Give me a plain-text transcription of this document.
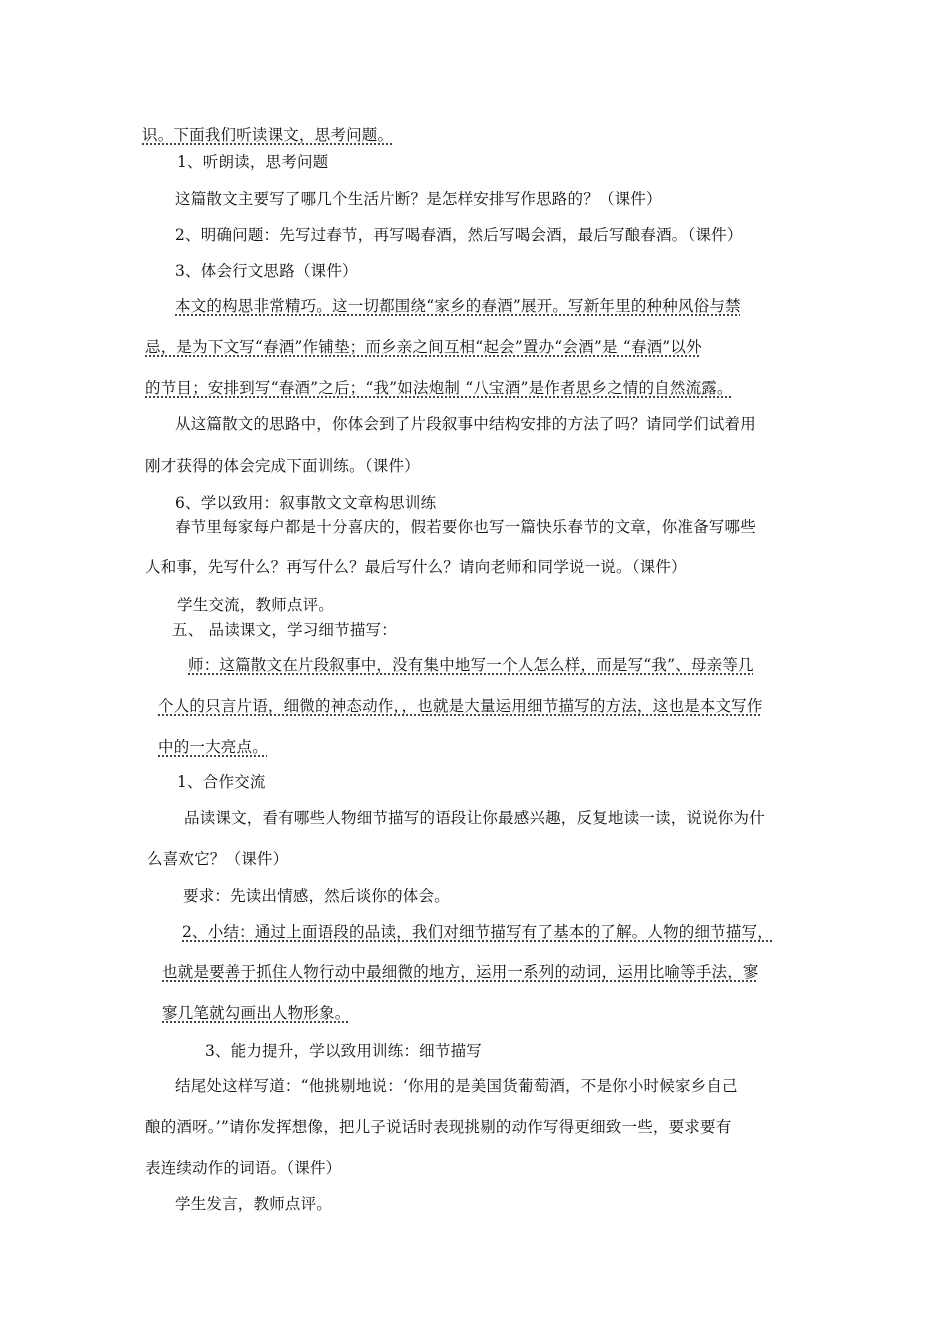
识。下面我们听读课文，思考问题。
1、听朗读，思考问题
这篇散文主要写了哪几个生活片断？是怎样安排写作思路的？（课件）
2、明确问题：先写过春节，再写喝春酒，然后写喝会酒，最后写酿春酒。（课件）
3、体会行文思路（课件）
本文的构思非常精巧。这一切都围绕“家乡的春酒”展开。写新年里的种种风俗与禁
忌，是为下文写“春酒”作铺垫；而乡亲之间互相“起会”置办“会酒”是 “春酒”以外
的节目；安排到写“春酒”之后；“我”如法炮制 “八宝酒”是作者思乡之情的自然流露。
从这篇散文的思路中，你体会到了片段叙事中结构安排的方法了吗？请同学们试着用
刚才获得的体会完成下面训练。（课件）
6、学以致用：叙事散文文章构思训练
春节里每家每户都是十分喜庆的，假若要你也写一篇快乐春节的文章，你准备写哪些
人和事，先写什么？再写什么？最后写什么？请向老师和同学说一说。（课件）
学生交流，教师点评。
五、 品读课文，学习细节描写：
师：这篇散文在片段叙事中，没有集中地写一个人怎么样，而是写“我”、母亲等几
个人的只言片语，细微的神态动作，，也就是大量运用细节描写的方法，这也是本文写作
中的一大亮点。
1、合作交流
品读课文，看有哪些人物细节描写的语段让你最感兴趣，反复地读一读，说说你为什
么喜欢它？（课件）
要求：先读出情感，然后谈你的体会。
2、小结：通过上面语段的品读，我们对细节描写有了基本的了解。人物的细节描写，
也就是要善于抓住人物行动中最细微的地方，运用一系列的动词，运用比喻等手法，寥
寥几笔就勾画出人物形象。
3、能力提升，学以致用训练：细节描写
结尾处这样写道：“他挑剔地说：‘你用的是美国货葡萄酒，不是你小时候家乡自己
酿的酒呀。’”请你发挥想像，把儿子说话时表现挑剔的动作写得更细致一些，要求要有
表连续动作的词语。（课件）
学生发言，教师点评。
